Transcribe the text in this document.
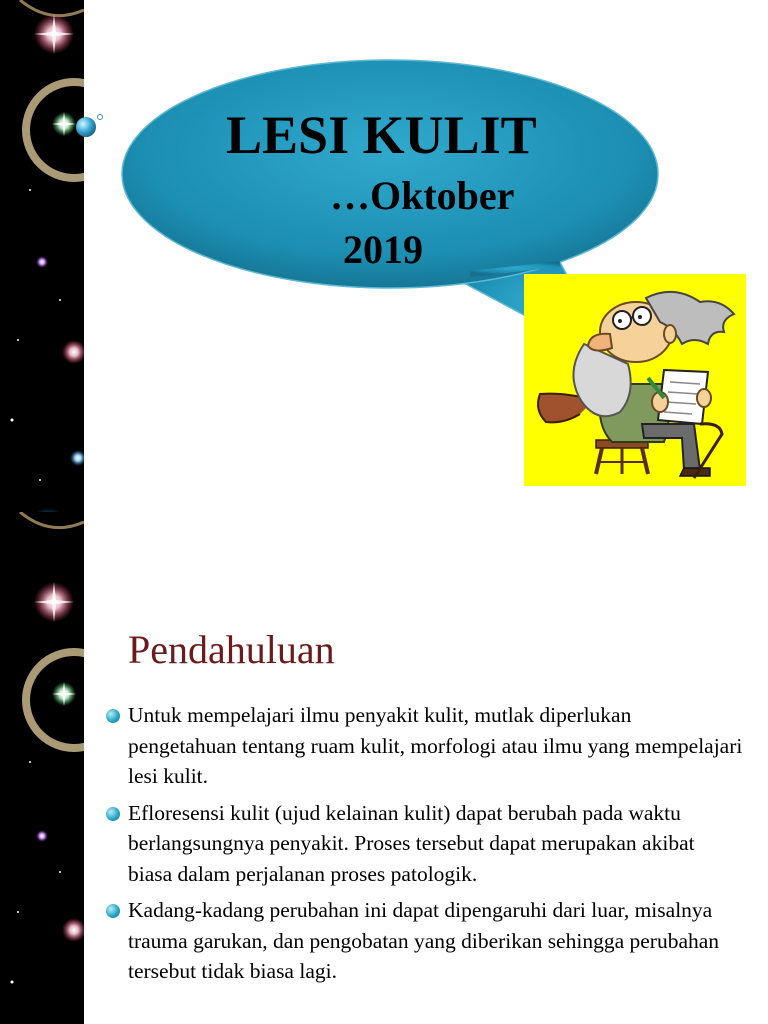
LESI KULIT
…Oktober
2019
Pendahuluan
Untuk mempelajari ilmu penyakit kulit, mutlak diperlukan pengetahuan tentang ruam kulit, morfologi atau ilmu yang mempelajari lesi kulit.
Efloresensi kulit (ujud kelainan kulit) dapat berubah pada waktu berlangsungnya penyakit. Proses tersebut dapat merupakan akibat biasa dalam perjalanan proses patologik.
Kadang-kadang perubahan ini dapat dipengaruhi dari luar, misalnya trauma garukan, dan pengobatan yang diberikan sehingga perubahan tersebut tidak biasa lagi.
